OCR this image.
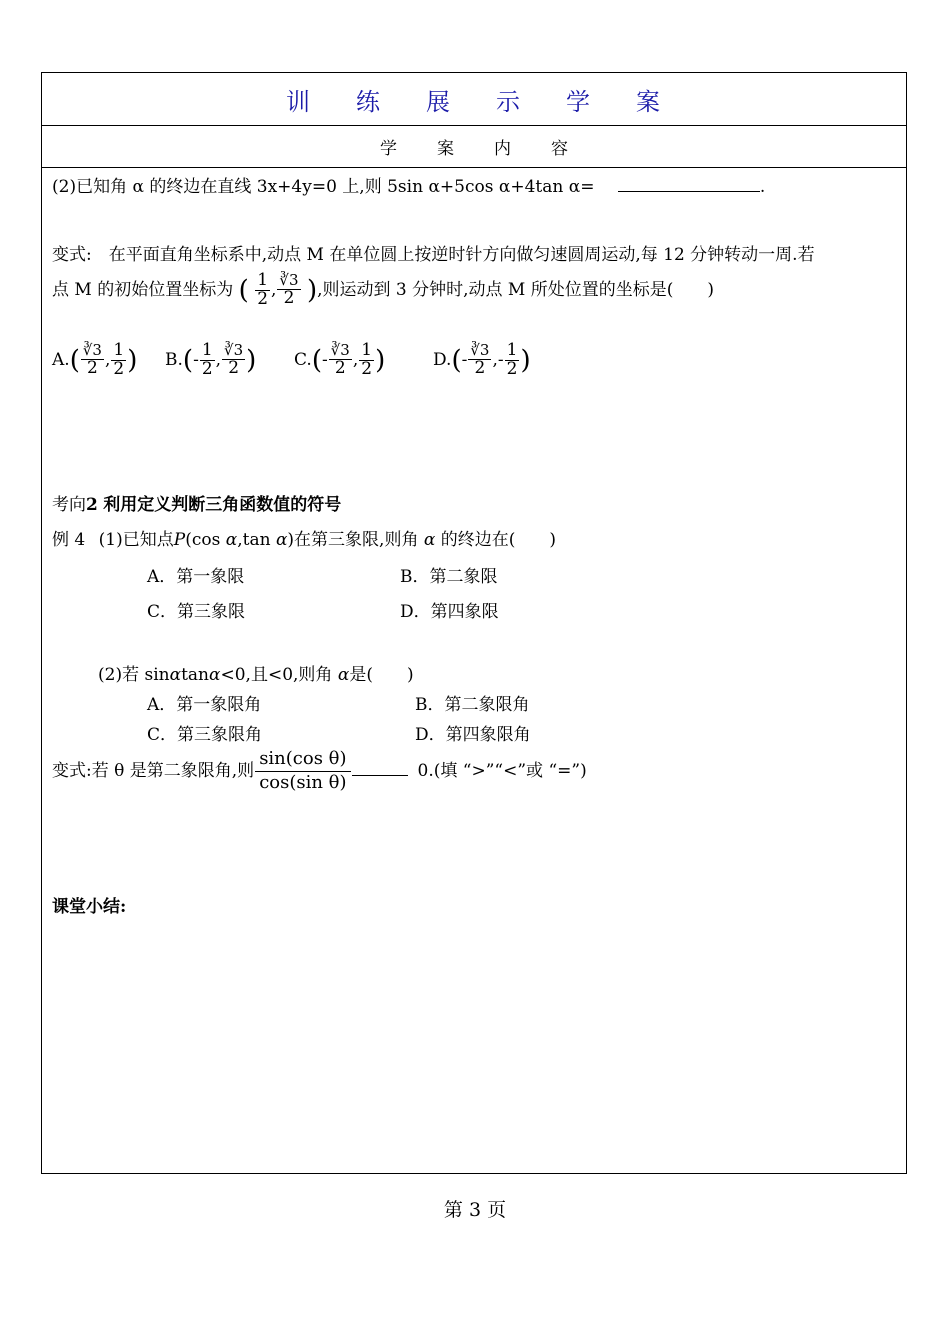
训 练 展 示 学 案
学 案 内 容
(2)已知角 α 的终边在直线 3x+4y=0 上,则 5sin α+5cos α+4tan α=	.
变式:　在平面直角坐标系中,动点 M 在单位圆上按逆时针方向做匀速圆周运动,每 12 分钟转动一周.若
点 M 的初始位置坐标为 ( $\frac{1}{2}$ , $\frac{∛3}{2}$ ),则运动到 3 分钟时,动点 M 所处位置的坐标是(　　)
$A.( \frac{∛3}{2}$ , $\frac{1}{2}$ ) $B.(- \frac{1}{2}$ , $\frac{∛3}{2}$ ) $C.(- \frac{∛3}{2}$ , $\frac{1}{2}$ )	$D.(- \frac{∛3}{2}$ ,- $\frac{1}{2}$ )
考向2 利用定义判断三角函数值的符号
例 4 (1)已知点P(cos α,tan α)在第三象限,则角 α 的终边在(　　)
A．第一象限	B．第二象限
C．第三象限	D．第四象限
(2)若 sinαtanα<0,且<0,则角 α是(　　)
A．第一象限角	B．第二象限角
C．第三象限角	D．第四象限角
变式:若 θ 是第二象限角,则 $\frac{\text{sin(cos θ)}}{\text{cos(sin θ)}}$	0.(填 “>”“<”或 “=”)
课堂小结:
第 3 页
